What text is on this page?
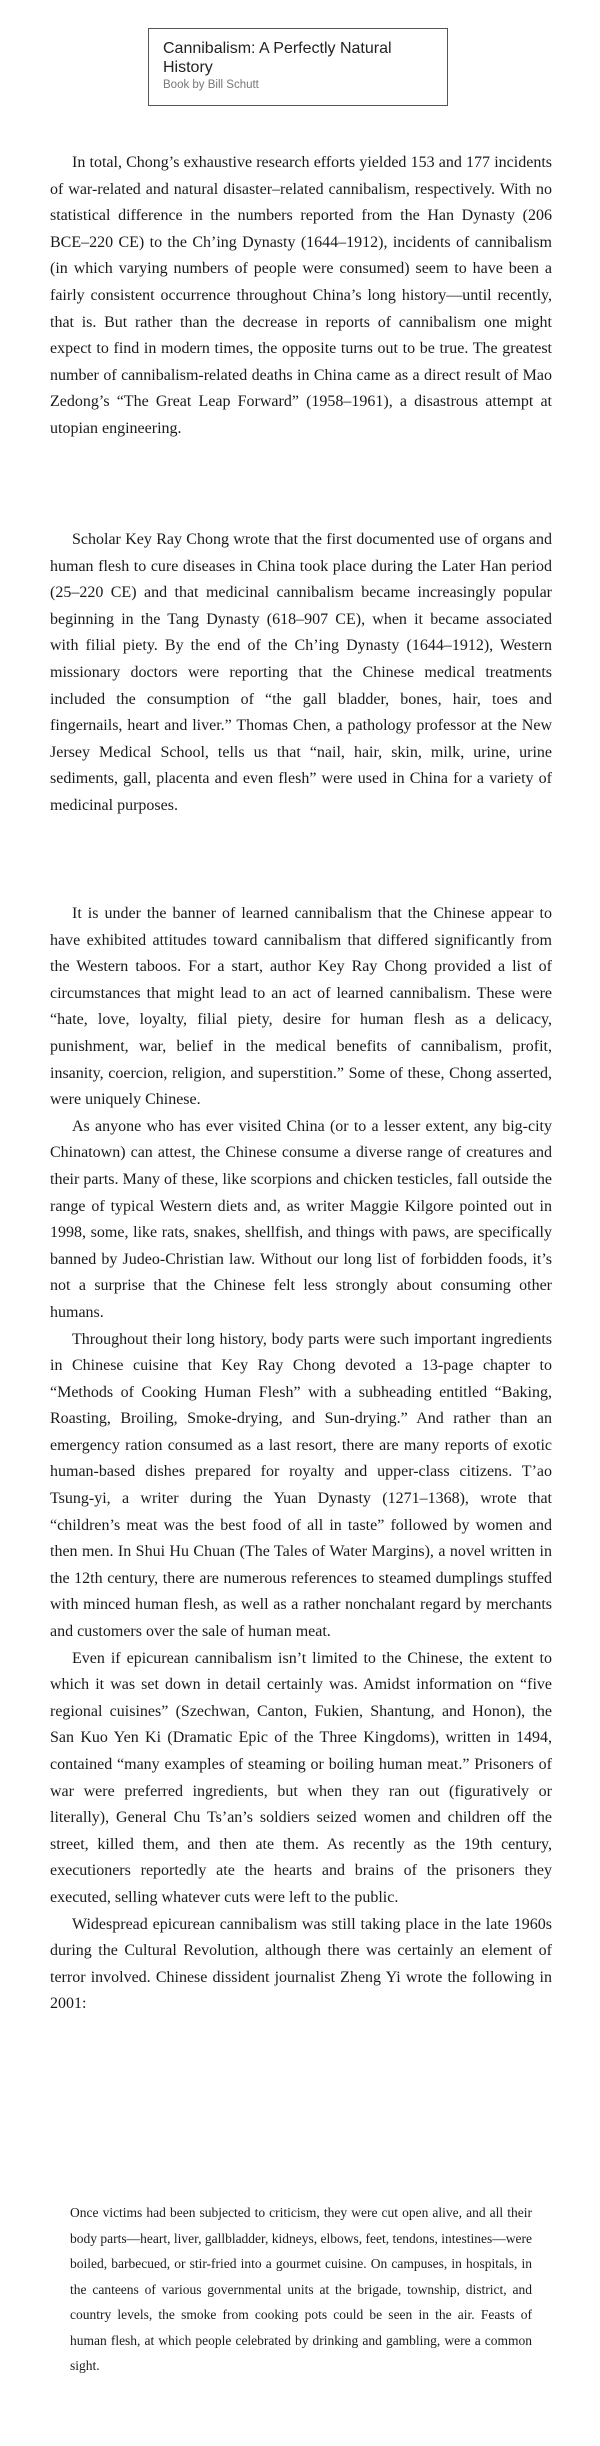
Cannibalism: A Perfectly Natural History
Book by Bill Schutt

In total, Chong’s exhaustive research efforts yielded 153 and 177 incidents of war-related and natural disaster–related cannibalism, respectively. With no statistical difference in the numbers reported from the Han Dynasty (206 BCE–220 CE) to the Ch’ing Dynasty (1644–1912), incidents of cannibalism (in which varying numbers of people were consumed) seem to have been a fairly consistent occurrence throughout China’s long history—until recently, that is. But rather than the decrease in reports of cannibalism one might expect to find in modern times, the opposite turns out to be true. The greatest number of cannibalism-related deaths in China came as a direct result of Mao Zedong’s “The Great Leap Forward” (1958–1961), a disastrous attempt at utopian engineering.

Scholar Key Ray Chong wrote that the first documented use of organs and human flesh to cure diseases in China took place during the Later Han period (25–220 CE) and that medicinal cannibalism became increasingly popular beginning in the Tang Dynasty (618–907 CE), when it became associated with filial piety. By the end of the Ch’ing Dynasty (1644–1912), Western missionary doctors were reporting that the Chinese medical treatments included the consumption of “the gall bladder, bones, hair, toes and fingernails, heart and liver.” Thomas Chen, a pathology professor at the New Jersey Medical School, tells us that “nail, hair, skin, milk, urine, urine sediments, gall, placenta and even flesh” were used in China for a variety of medicinal purposes.

It is under the banner of learned cannibalism that the Chinese appear to have exhibited attitudes toward cannibalism that differed significantly from the Western taboos. For a start, author Key Ray Chong provided a list of circumstances that might lead to an act of learned cannibalism. These were “hate, love, loyalty, filial piety, desire for human flesh as a delicacy, punishment, war, belief in the medical benefits of cannibalism, profit, insanity, coercion, religion, and superstition.” Some of these, Chong asserted, were uniquely Chinese.

As anyone who has ever visited China (or to a lesser extent, any big-city Chinatown) can attest, the Chinese consume a diverse range of creatures and their parts. Many of these, like scorpions and chicken testicles, fall outside the range of typical Western diets and, as writer Maggie Kilgore pointed out in 1998, some, like rats, snakes, shellfish, and things with paws, are specifically banned by Judeo-Christian law. Without our long list of forbidden foods, it’s not a surprise that the Chinese felt less strongly about consuming other humans.

Throughout their long history, body parts were such important ingredients in Chinese cuisine that Key Ray Chong devoted a 13-page chapter to “Methods of Cooking Human Flesh” with a subheading entitled “Baking, Roasting, Broiling, Smoke-drying, and Sun-drying.” And rather than an emergency ration consumed as a last resort, there are many reports of exotic human-based dishes prepared for royalty and upper-class citizens. T’ao Tsung-yi, a writer during the Yuan Dynasty (1271–1368), wrote that “children’s meat was the best food of all in taste” followed by women and then men. In Shui Hu Chuan (The Tales of Water Margins), a novel written in the 12th century, there are numerous references to steamed dumplings stuffed with minced human flesh, as well as a rather nonchalant regard by merchants and customers over the sale of human meat.

Even if epicurean cannibalism isn’t limited to the Chinese, the extent to which it was set down in detail certainly was. Amidst information on “five regional cuisines” (Szechwan, Canton, Fukien, Shantung, and Honon), the San Kuo Yen Ki (Dramatic Epic of the Three Kingdoms), written in 1494, contained “many examples of steaming or boiling human meat.” Prisoners of war were preferred ingredients, but when they ran out (figuratively or literally), General Chu Ts’an’s soldiers seized women and children off the street, killed them, and then ate them. As recently as the 19th century, executioners reportedly ate the hearts and brains of the prisoners they executed, selling whatever cuts were left to the public.

Widespread epicurean cannibalism was still taking place in the late 1960s during the Cultural Revolution, although there was certainly an element of terror involved. Chinese dissident journalist Zheng Yi wrote the following in 2001:

Once victims had been subjected to criticism, they were cut open alive, and all their body parts—heart, liver, gallbladder, kidneys, elbows, feet, tendons, intestines—were boiled, barbecued, or stir-fried into a gourmet cuisine. On campuses, in hospitals, in the canteens of various governmental units at the brigade, township, district, and country levels, the smoke from cooking pots could be seen in the air. Feasts of human flesh, at which people celebrated by drinking and gambling, were a common sight.
